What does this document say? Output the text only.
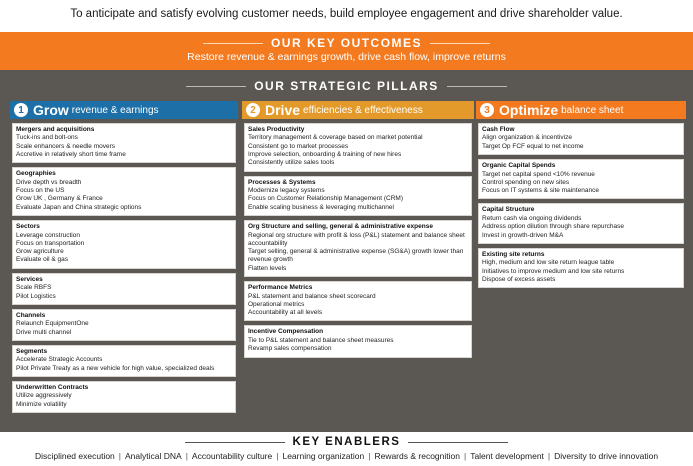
To anticipate and satisfy evolving customer needs, build employee engagement and drive shareholder value.
OUR KEY OUTCOMES
Restore revenue & earnings growth, drive cash flow, improve returns
OUR STRATEGIC PILLARS
1 Grow revenue & earnings
Mergers and acquisitions
Tuck-ins and bolt-ons
Scale enhancers & needle movers
Accretive in relatively short time frame
Geographies
Drive depth vs breadth
Focus on the US
Grow UK , Germany & France
Evaluate Japan and China strategic options
Sectors
Leverage construction
Focus on transportation
Grow agriculture
Evaluate oil & gas
Services
Scale RBFS
Pilot Logistics
Channels
Relaunch EquipmentOne
Drive multi channel
Segments
Accelerate Strategic Accounts
Pilot Private Treaty as a new vehicle for high value, specialized deals
Underwritten Contracts
Utilize aggressively
Minimize volatility
2 Drive efficiencies & effectiveness
Sales Productivity
Territory management & coverage based on market potential
Consistent go to market processes
Improve selection, onboarding & training of new hires
Consistently utilize sales tools
Processes & Systems
Modernize legacy systems
Focus on Customer Relationship Management (CRM)
Enable scaling business & leveraging multichannel
Org Structure and selling, general & administrative expense
Regional org structure with profit & loss (P&L) statement and balance sheet accountability
Target selling, general & administrative expense (SG&A) growth lower than revenue growth
Flatten levels
Performance Metrics
P&L statement and balance sheet scorecard
Operational metrics
Accountability at all levels
Incentive Compensation
Tie to P&L statement and balance sheet measures
Revamp sales compensation
3 Optimize balance sheet
Cash Flow
Align organization & incentivize
Target Op FCF equal to net income
Organic Capital Spends
Target net capital spend <10% revenue
Control spending on new sites
Focus on IT systems & site maintenance
Capital Structure
Return cash via ongoing dividends
Address option dilution through share repurchase
Invest in growth-driven M&A
Existing site returns
High, medium and low site return league table
Initiatives to improve medium and low site returns
Dispose of excess assets
KEY ENABLERS
Disciplined execution | Analytical DNA | Accountability culture | Learning organization | Rewards & recognition | Talent development | Diversity to drive innovation
